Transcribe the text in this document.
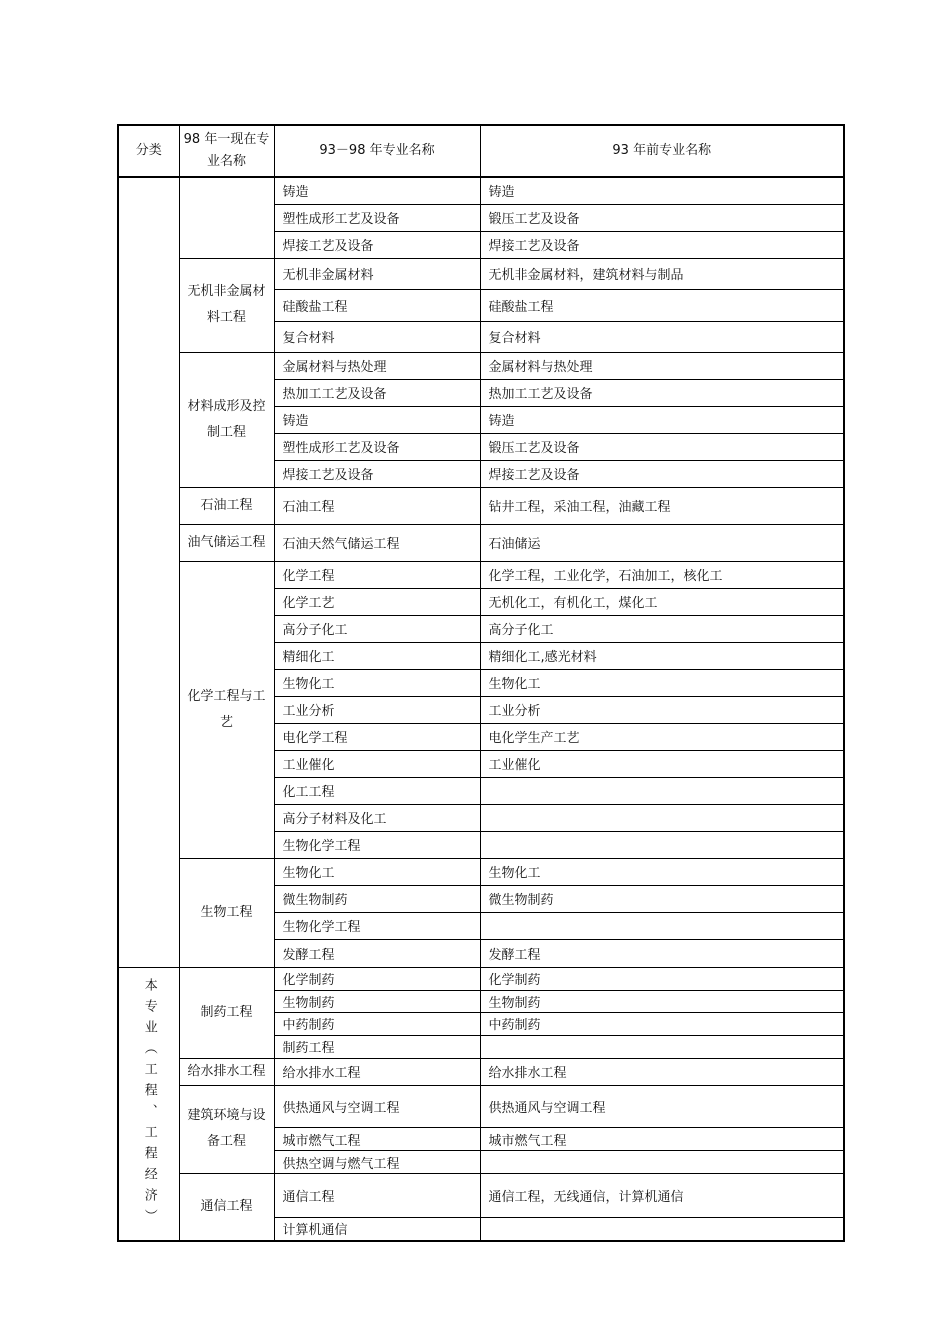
分类	98 年一现在专业名称	93－98 年专业名称	93 年前专业名称
		铸造	铸造
		塑性成形工艺及设备	锻压工艺及设备
		焊接工艺及设备	焊接工艺及设备
	无机非金属材料工程	无机非金属材料	无机非金属材料，建筑材料与制品
		硅酸盐工程	硅酸盐工程
		复合材料	复合材料
	材料成形及控制工程	金属材料与热处理	金属材料与热处理
		热加工工艺及设备	热加工工艺及设备
		铸造	铸造
		塑性成形工艺及设备	锻压工艺及设备
		焊接工艺及设备	焊接工艺及设备
	石油工程	石油工程	钻井工程，采油工程，油藏工程
	油气储运工程	石油天然气储运工程	石油储运
	化学工程与工艺	化学工程	化学工程，工业化学，石油加工，核化工
		化学工艺	无机化工，有机化工，煤化工
		高分子化工	高分子化工
		精细化工	精细化工,感光材料
		生物化工	生物化工
		工业分析	工业分析
		电化学工程	电化学生产工艺
		工业催化	工业催化
		化工工程	
		高分子材料及化工	
		生物化学工程	
	生物工程	生物化工	生物化工
		微生物制药	微生物制药
		生物化学工程	
		发酵工程	发酵工程
本专业（工程、工程经济）	制药工程	化学制药	化学制药
		生物制药	生物制药
		中药制药	中药制药
		制药工程	
	给水排水工程	给水排水工程	给水排水工程
	建筑环境与设备工程	供热通风与空调工程	供热通风与空调工程
		城市燃气工程	城市燃气工程
		供热空调与燃气工程	
	通信工程	通信工程	通信工程，无线通信，计算机通信
		计算机通信	
